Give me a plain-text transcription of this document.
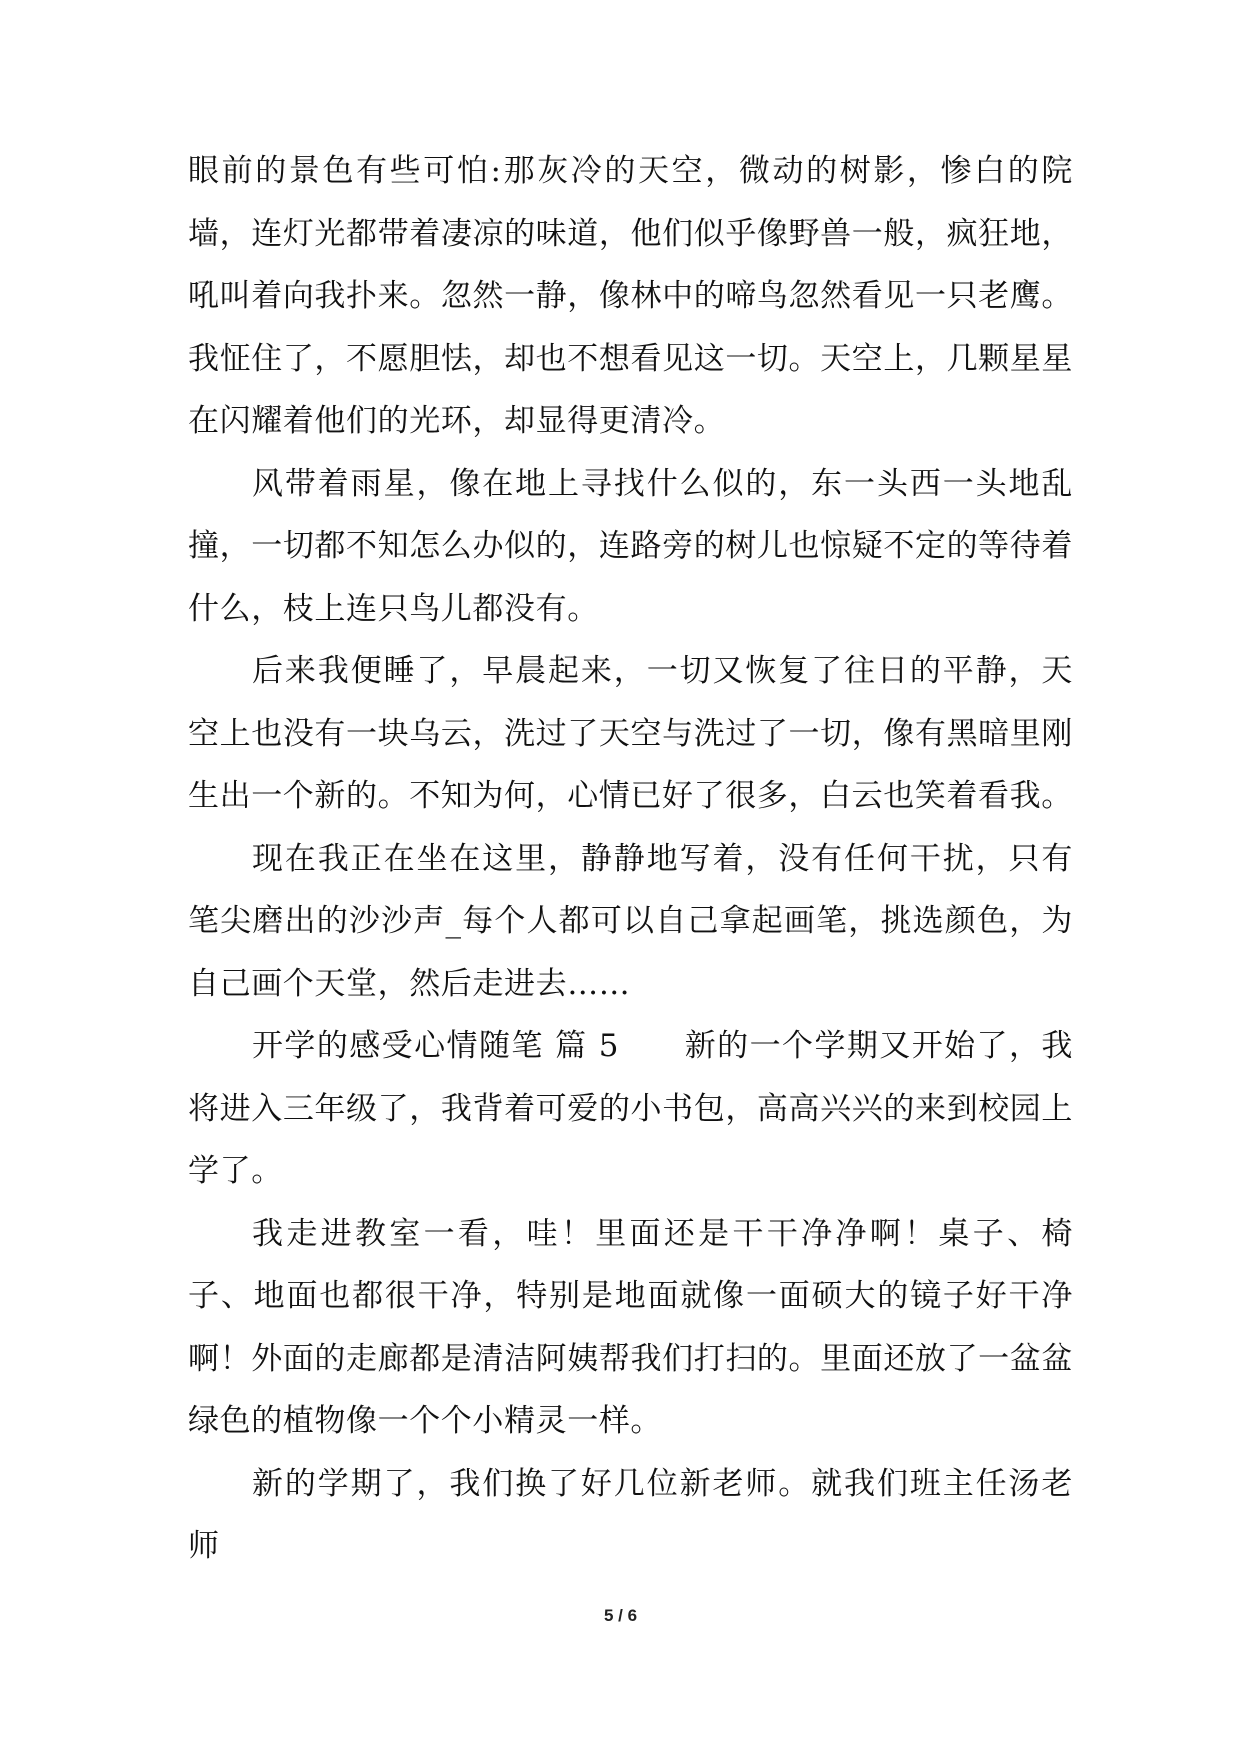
眼前的景色有些可怕:那灰冷的天空，微动的树影，惨白的院墙，连灯光都带着凄凉的味道，他们似乎像野兽一般，疯狂地，吼叫着向我扑来。忽然一静，像林中的啼鸟忽然看见一只老鹰。我怔住了，不愿胆怯，却也不想看见这一切。天空上，几颗星星在闪耀着他们的光环，却显得更清冷。

风带着雨星，像在地上寻找什么似的，东一头西一头地乱撞，一切都不知怎么办似的，连路旁的树儿也惊疑不定的等待着什么，枝上连只鸟儿都没有。

后来我便睡了，早晨起来，一切又恢复了往日的平静，天空上也没有一块乌云，洗过了天空与洗过了一切，像有黑暗里刚生出一个新的。不知为何，心情已好了很多，白云也笑着看我。

现在我正在坐在这里，静静地写着，没有任何干扰，只有笔尖磨出的沙沙声_每个人都可以自己拿起画笔，挑选颜色，为自己画个天堂，然后走进去……

开学的感受心情随笔 篇 5　　新的一个学期又开始了，我将进入三年级了，我背着可爱的小书包，高高兴兴的来到校园上学了。

我走进教室一看，哇！里面还是干干净净啊！桌子、椅子、地面也都很干净，特别是地面就像一面硕大的镜子好干净啊！外面的走廊都是清洁阿姨帮我们打扫的。里面还放了一盆盆绿色的植物像一个个小精灵一样。

新的学期了，我们换了好几位新老师。就我们班主任汤老师

5 / 6
